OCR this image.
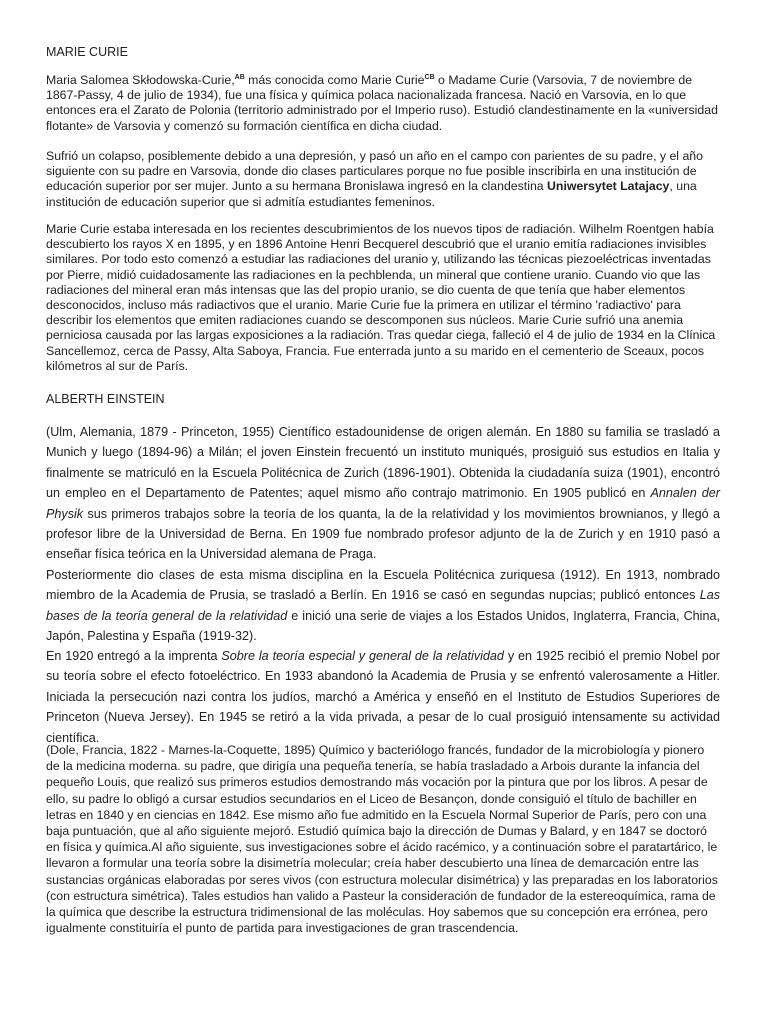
MARIE CURIE

Maria Salomea Skłodowska-Curie,$^{AB}$ más conocida como Marie Curie$^{CB}$ o Madame Curie (Varsovia, 7 de noviembre de 1867-Passy, 4 de julio de 1934), fue una física y química polaca nacionalizada francesa. Nació en Varsovia, en lo que entonces era el Zarato de Polonia (territorio administrado por el Imperio ruso). Estudió clandestinamente en la «universidad flotante» de Varsovia y comenzó su formación científica en dicha ciudad.

Sufrió un colapso, posiblemente debido a una depresión, y pasó un año en el campo con parientes de su padre, y el año siguiente con su padre en Varsovia, donde dio clases particulares porque no fue posible inscribirla en una institución de educación superior por ser mujer. Junto a su hermana Bronislawa ingresó en la clandestina Uniwersytet Latajacy, una institución de educación superior que si admitía estudiantes femeninos.

Marie Curie estaba interesada en los recientes descubrimientos de los nuevos tipos de radiación. Wilhelm Roentgen había descubierto los rayos X en 1895, y en 1896 Antoine Henri Becquerel descubrió que el uranio emitía radiaciones invisibles similares. Por todo esto comenzó a estudiar las radiaciones del uranio y, utilizando las técnicas piezoeléctricas inventadas por Pierre, midió cuidadosamente las radiaciones en la pechblenda, un mineral que contiene uranio. Cuando vio que las radiaciones del mineral eran más intensas que las del propio uranio, se dio cuenta de que tenía que haber elementos desconocidos, incluso más radiactivos que el uranio. Marie Curie fue la primera en utilizar el término 'radiactivo' para describir los elementos que emiten radiaciones cuando se descomponen sus núcleos. Marie Curie sufrió una anemia perniciosa causada por las largas exposiciones a la radiación. Tras quedar ciega, falleció el 4 de julio de 1934 en la Clínica Sancellemoz, cerca de Passy, Alta Saboya, Francia. Fue enterrada junto a su marido en el cementerio de Sceaux, pocos kilómetros al sur de París.

ALBERTH EINSTEIN

(Ulm, Alemania, 1879 - Princeton, 1955) Científico estadounidense de origen alemán. En 1880 su familia se trasladó a Munich y luego (1894-96) a Milán; el joven Einstein frecuentó un instituto muniqués, prosiguió sus estudios en Italia y finalmente se matriculó en la Escuela Politécnica de Zurich (1896-1901). Obtenida la ciudadanía suiza (1901), encontró un empleo en el Departamento de Patentes; aquel mismo año contrajo matrimonio. En 1905 publicó en Annalen der Physik sus primeros trabajos sobre la teoría de los quanta, la de la relatividad y los movimientos brownianos, y llegó a profesor libre de la Universidad de Berna. En 1909 fue nombrado profesor adjunto de la de Zurich y en 1910 pasó a enseñar física teórica en la Universidad alemana de Praga.

Posteriormente dio clases de esta misma disciplina en la Escuela Politécnica zuriquesa (1912). En 1913, nombrado miembro de la Academia de Prusia, se trasladó a Berlín. En 1916 se casó en segundas nupcias; publicó entonces Las bases de la teoría general de la relatividad e inició una serie de viajes a los Estados Unidos, Inglaterra, Francia, China, Japón, Palestina y España (1919-32).

En 1920 entregó a la imprenta Sobre la teoría especial y general de la relatividad y en 1925 recibió el premio Nobel por su teoría sobre el efecto fotoeléctrico. En 1933 abandonó la Academia de Prusia y se enfrentó valerosamente a Hitler. Iniciada la persecución nazi contra los judíos, marchó a América y enseñó en el Instituto de Estudios Superiores de Princeton (Nueva Jersey). En 1945 se retiró a la vida privada, a pesar de lo cual prosiguió intensamente su actividad científica.

(Dole, Francia, 1822 - Marnes-la-Coquette, 1895) Químico y bacteriólogo francés, fundador de la microbiología y pionero de la medicina moderna. su padre, que dirigía una pequeña tenería, se había trasladado a Arbois durante la infancia del pequeño Louis, que realizó sus primeros estudios demostrando más vocación por la pintura que por los libros. A pesar de ello, su padre lo obligó a cursar estudios secundarios en el Liceo de Besançon, donde consiguió el título de bachiller en letras en 1840 y en ciencias en 1842. Ese mismo año fue admitido en la Escuela Normal Superior de París, pero con una baja puntuación, que al año siguiente mejoró. Estudió química bajo la dirección de Dumas y Balard, y en 1847 se doctoró en física y química.Al año siguiente, sus investigaciones sobre el ácido racémico, y a continuación sobre el paratartárico, le llevaron a formular una teoría sobre la disimetría molecular; creía haber descubierto una línea de demarcación entre las sustancias orgánicas elaboradas por seres vivos (con estructura molecular disimétrica) y las preparadas en los laboratorios (con estructura simétrica). Tales estudios han valido a Pasteur la consideración de fundador de la estereoquímica, rama de la química que describe la estructura tridimensional de las moléculas. Hoy sabemos que su concepción era errónea, pero igualmente constituiría el punto de partida para investigaciones de gran trascendencia.
